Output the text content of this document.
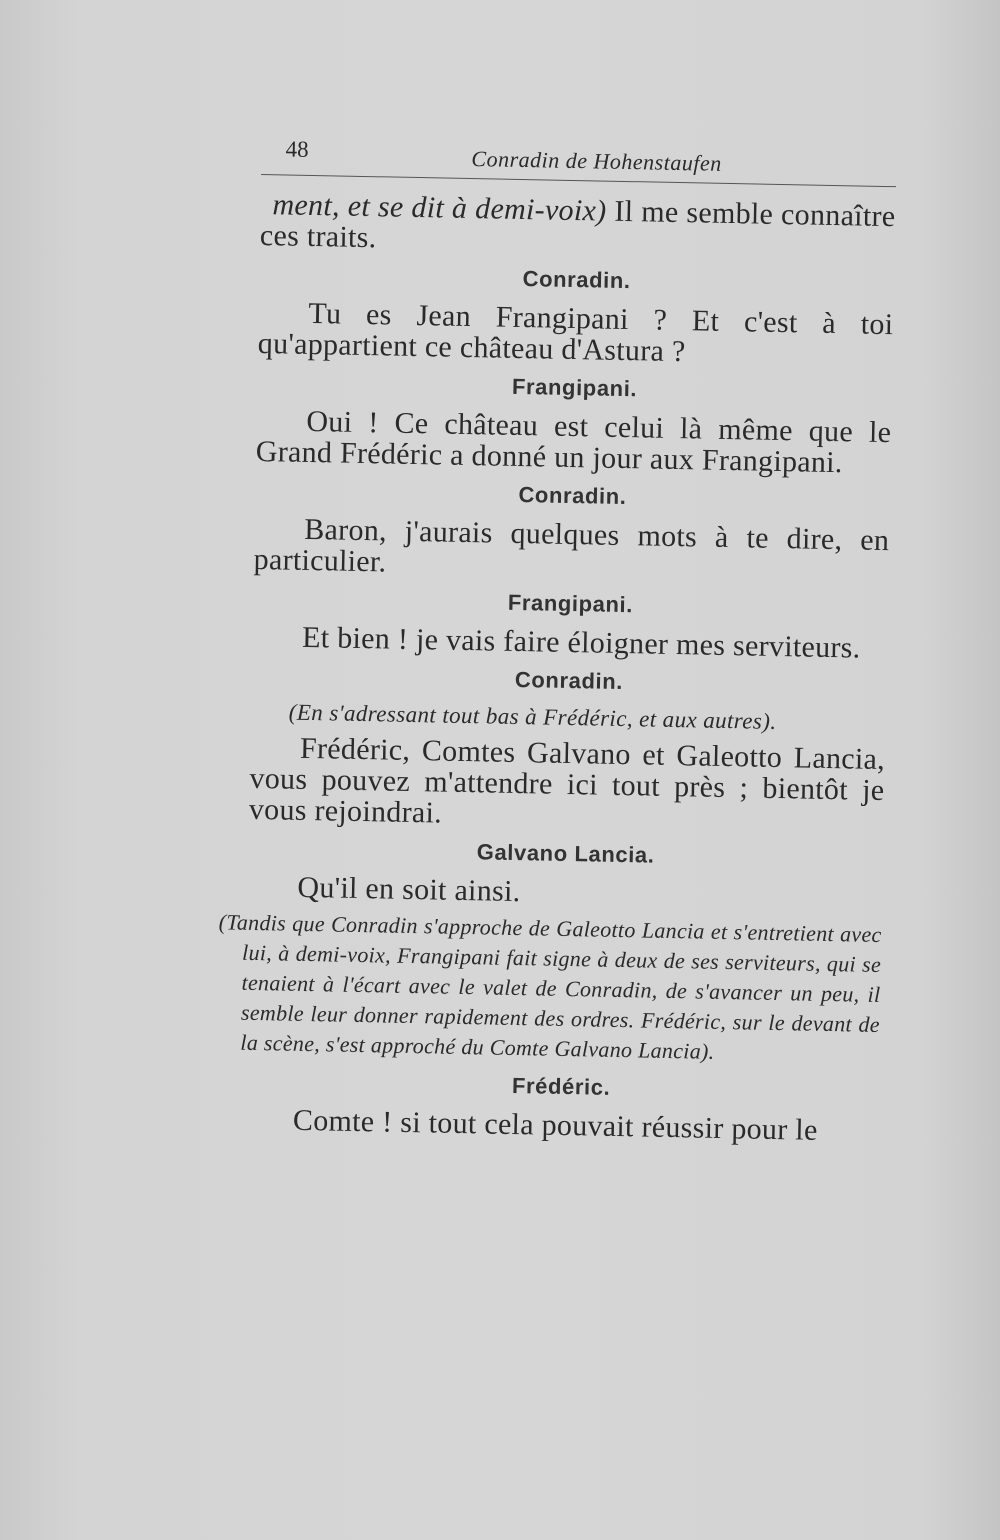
48	Conradin de Hohenstaufen

ment, et se dit à demi-voix) Il me semble connaître ces traits.

Conradin.

Tu es Jean Frangipani ? Et c'est à toi qu'appartient ce château d'Astura ?

Frangipani.

Oui ! Ce château est celui là même que le Grand Frédéric a donné un jour aux Frangipani.

Conradin.

Baron, j'aurais quelques mots à te dire, en particulier.

Frangipani.

Et bien ! je vais faire éloigner mes serviteurs.

Conradin.
(En s'adressant tout bas à Frédéric, et aux autres).

Frédéric, Comtes Galvano et Galeotto Lancia, vous pouvez m'attendre ici tout près ; bientôt je vous rejoindrai.

Galvano Lancia.

Qu'il en soit ainsi.

(Tandis que Conradin s'approche de Galeotto Lancia et s'entretient avec lui, à demi-voix, Frangipani fait signe à deux de ses serviteurs, qui se tenaient à l'écart avec le valet de Conradin, de s'avancer un peu, il semble leur donner rapidement des ordres. Frédéric, sur le devant de la scène, s'est approché du Comte Galvano Lancia).
Frédéric.

Comte ! si tout cela pouvait réussir pour le
